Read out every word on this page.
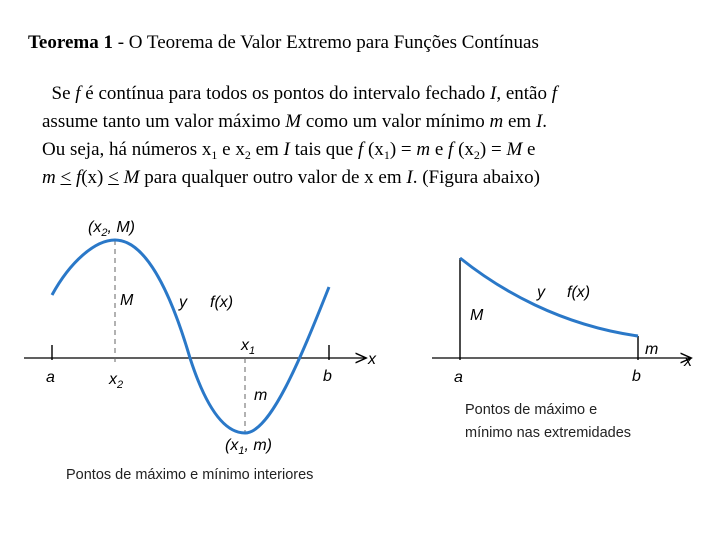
Teorema 1 - O Teorema de Valor Extremo para Funções Contínuas

Se f é contínua para todos os pontos do intervalo fechado I, então f

assume tanto um valor máximo M como um valor mínimo m em I.

Ou seja, há números $x_1$ e $x_2$ em I tais que f $(x_1) = m$ e f $(x_2) = M$ e

m ≤ f(x) ≤ M para qualquer outro valor de x em I. (Figura abaixo)

($x_2$, M)
M	y f(x)
$x_1$	x
a	$x_2$	b
m
($x_1$, m)
Pontos de máximo e mínimo interiores
y f(x)
M
m
x
a	b
Pontos de máximo e
mínimo nas extremidades
